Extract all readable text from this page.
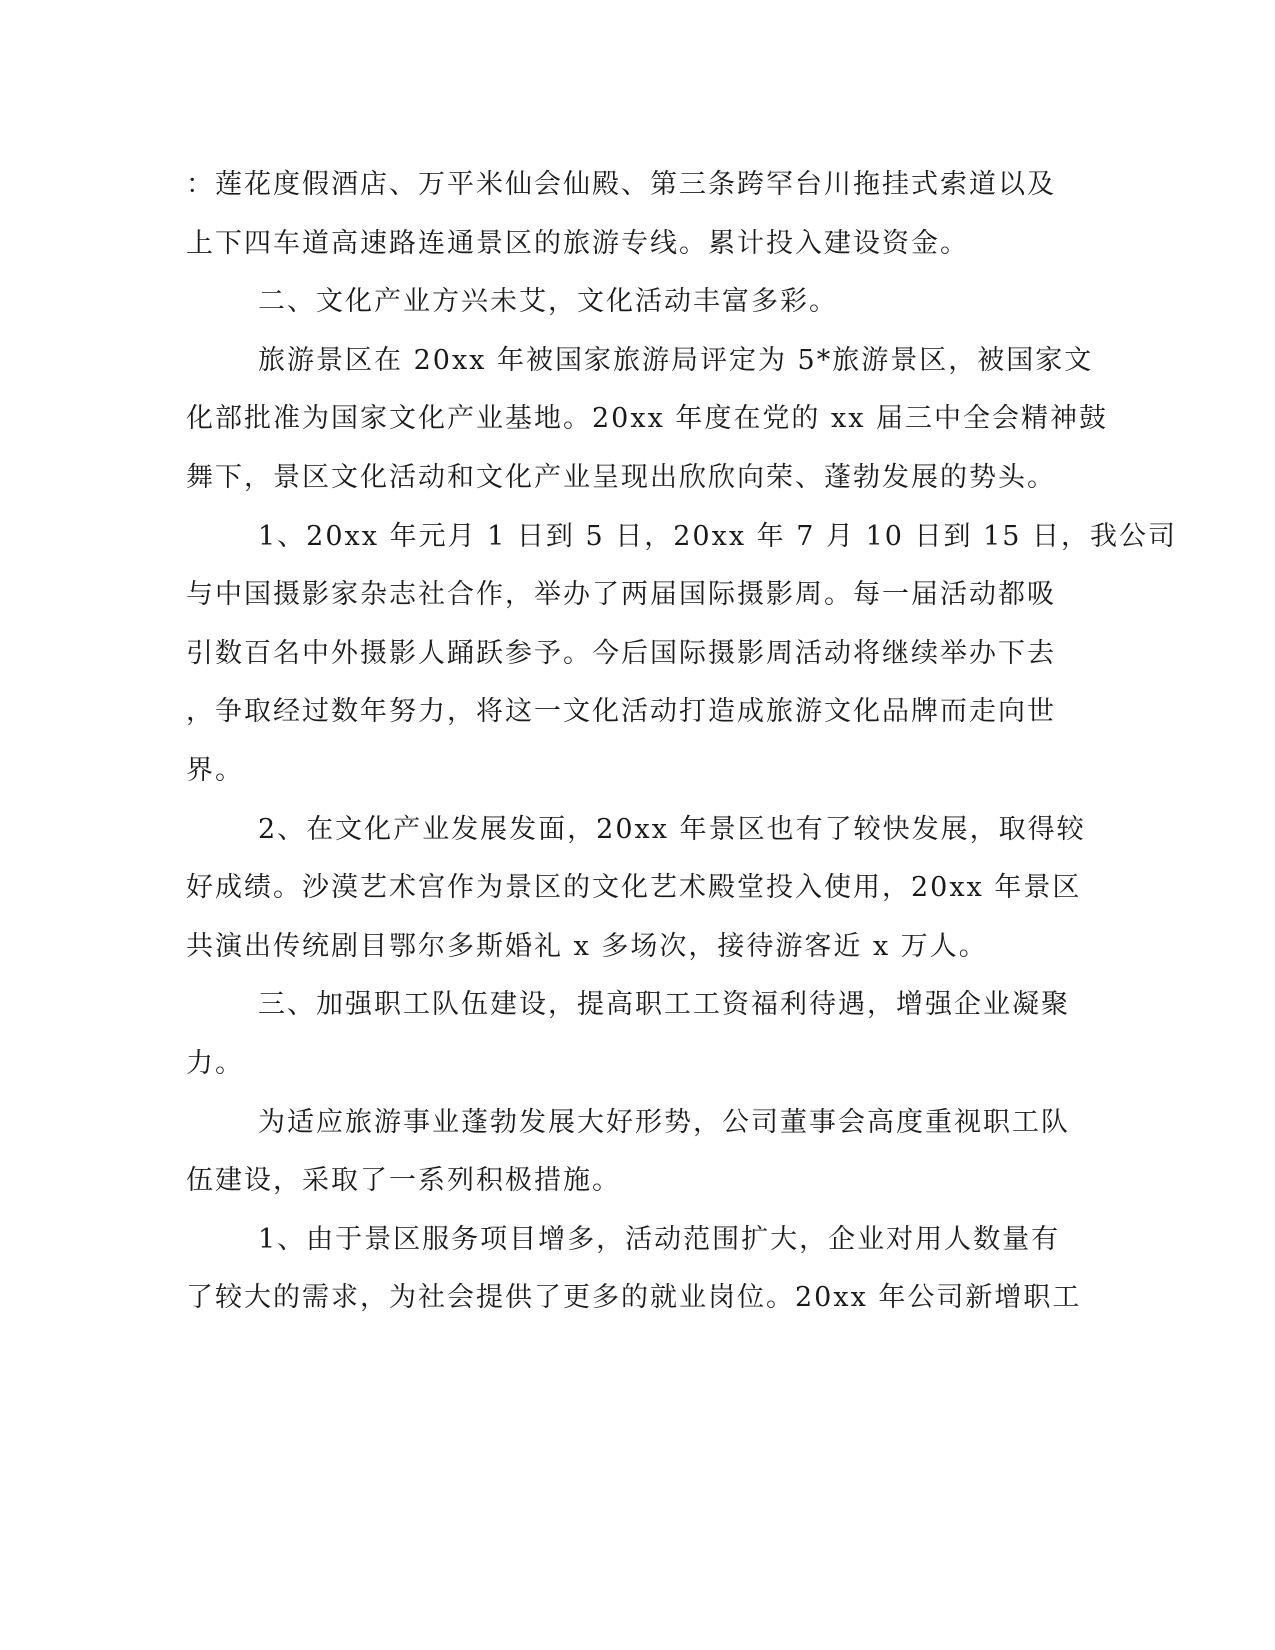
：莲花度假酒店、万平米仙会仙殿、第三条跨罕台川拖挂式索道以及
上下四车道高速路连通景区的旅游专线。累计投入建设资金。
二、文化产业方兴未艾，文化活动丰富多彩。
旅游景区在 20xx 年被国家旅游局评定为 5*旅游景区，被国家文
化部批准为国家文化产业基地。20xx 年度在党的 xx 届三中全会精神鼓
舞下，景区文化活动和文化产业呈现出欣欣向荣、蓬勃发展的势头。
1、20xx 年元月 1 日到 5 日，20xx 年 7 月 10 日到 15 日，我公司
与中国摄影家杂志社合作，举办了两届国际摄影周。每一届活动都吸
引数百名中外摄影人踊跃参予。今后国际摄影周活动将继续举办下去
，争取经过数年努力，将这一文化活动打造成旅游文化品牌而走向世
界。
2、在文化产业发展发面，20xx 年景区也有了较快发展，取得较
好成绩。沙漠艺术宫作为景区的文化艺术殿堂投入使用，20xx 年景区
共演出传统剧目鄂尔多斯婚礼 x 多场次，接待游客近 x 万人。
三、加强职工队伍建设，提高职工工资福利待遇，增强企业凝聚
力。
为适应旅游事业蓬勃发展大好形势，公司董事会高度重视职工队
伍建设，采取了一系列积极措施。
1、由于景区服务项目增多，活动范围扩大，企业对用人数量有
了较大的需求，为社会提供了更多的就业岗位。20xx 年公司新增职工
